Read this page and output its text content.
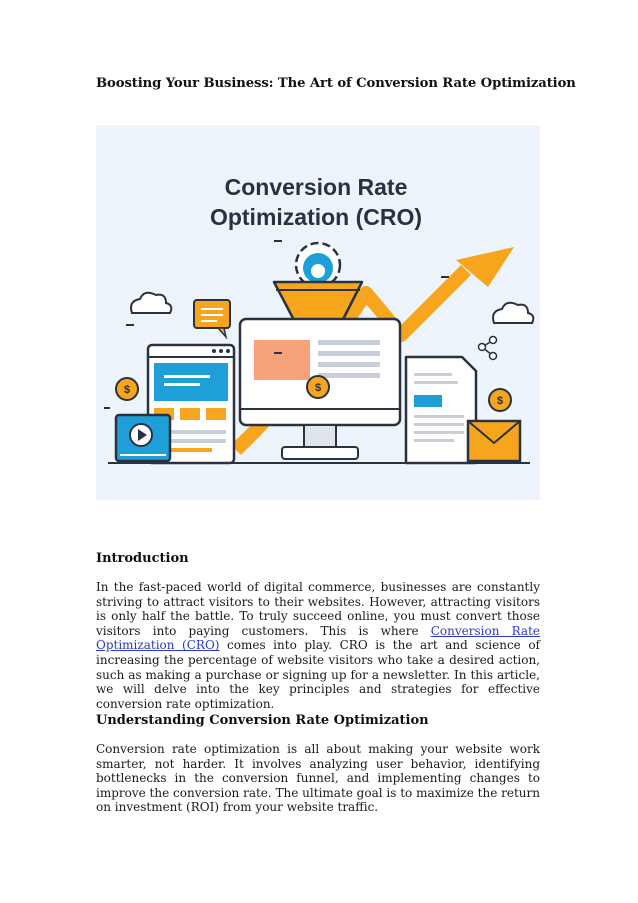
Boosting Your Business: The Art of Conversion Rate Optimization
Conversion Rate
Optimization (CRO)
$
$
$
Introduction
In the fast-paced world of digital commerce, businesses are constantly striving to attract visitors to their websites. However, attracting visitors is only half the battle. To truly succeed online, you must convert those visitors into paying customers. This is where Conversion Rate Optimization (CRO) comes into play. CRO is the art and science of increasing the percentage of website visitors who take a desired action, such as making a purchase or signing up for a newsletter. In this article, we will delve into the key principles and strategies for effective conversion rate optimization.
Understanding Conversion Rate Optimization
Conversion rate optimization is all about making your website work smarter, not harder. It involves analyzing user behavior, identifying bottlenecks in the conversion funnel, and implementing changes to improve the conversion rate. The ultimate goal is to maximize the return on investment (ROI) from your website traffic.
